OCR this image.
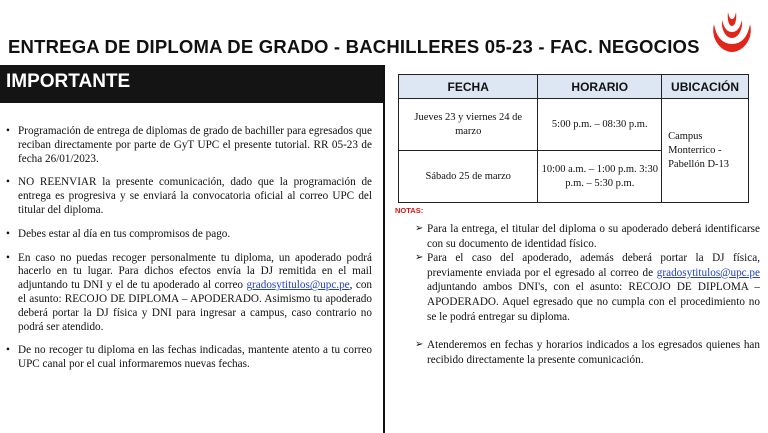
ENTREGA DE DIPLOMA DE GRADO - BACHILLERES 05-23 - FAC. NEGOCIOS
IMPORTANTE
• Programación de entrega de diplomas de grado de bachiller para egresados que reciban directamente por parte de GyT UPC el presente tutorial. RR 05-23 de fecha 26/01/2023.
• NO REENVIAR la presente comunicación, dado que la programación de entrega es progresiva y se enviará la convocatoria oficial al correo UPC del titular del diploma.
• Debes estar al día en tus compromisos de pago.
• En caso no puedas recoger personalmente tu diploma, un apoderado podrá hacerlo en tu lugar. Para dichos efectos envía la DJ remitida en el mail adjuntando tu DNI y el de tu apoderado al correo gradosytitulos@upc.pe, con el asunto: RECOJO DE DIPLOMA – APODERADO. Asimismo tu apoderado deberá portar la DJ física y DNI para ingresar a campus, caso contrario no podrá ser atendido.
• De no recoger tu diploma en las fechas indicadas, mantente atento a tu correo UPC canal por el cual informaremos nuevas fechas.
FECHA	HORARIO	UBICACIÓN
Jueves 23 y viernes 24 de marzo	5:00 p.m. – 08:30 p.m.	Campus Monterrico - Pabellón D-13
Sábado 25 de marzo	10:00 a.m. – 1:00 p.m. 3:30 p.m. – 5:30 p.m.	
NOTAS:
➢ Para la entrega, el titular del diploma o su apoderado deberá identificarse con su documento de identidad físico.
➢ Para el caso del apoderado, además deberá portar la DJ física, previamente enviada por el egresado al correo de gradosytitulos@upc.pe adjuntando ambos DNI's, con el asunto: RECOJO DE DIPLOMA – APODERADO. Aquel egresado que no cumpla con el procedimiento no se le podrá entregar su diploma.
➢ Atenderemos en fechas y horarios indicados a los egresados quienes han recibido directamente la presente comunicación.
